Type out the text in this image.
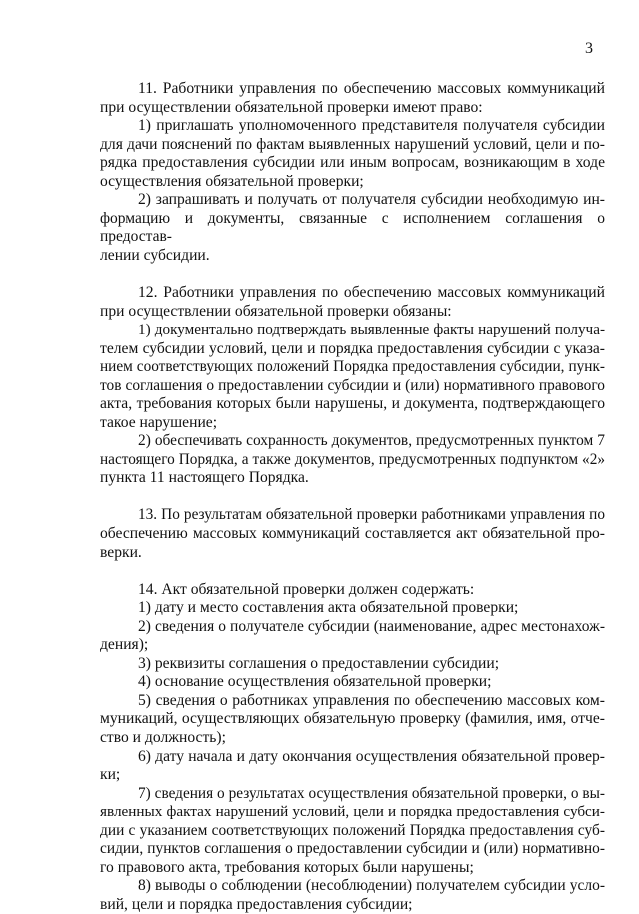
3
11. Работники управления по обеспечению массовых коммуникаций
при осуществлении обязательной проверки имеют право:
1) приглашать уполномоченного представителя получателя субсидии
для дачи пояснений по фактам выявленных нарушений условий, цели и по-
рядка предоставления субсидии или иным вопросам, возникающим в ходе
осуществления обязательной проверки;
2) запрашивать и получать от получателя субсидии необходимую ин-
формацию и документы, связанные с исполнением соглашения о предостав-
лении субсидии.
12. Работники управления по обеспечению массовых коммуникаций
при осуществлении обязательной проверки обязаны:
1) документально подтверждать выявленные факты нарушений получа-
телем субсидии условий, цели и порядка предоставления субсидии с указа-
нием соответствующих положений Порядка предоставления субсидии, пунк-
тов соглашения о предоставлении субсидии и (или) нормативного правового
акта, требования которых были нарушены, и документа, подтверждающего
такое нарушение;
2) обеспечивать сохранность документов, предусмотренных пунктом 7
настоящего Порядка, а также документов, предусмотренных подпунктом «2»
пункта 11 настоящего Порядка.
13. По результатам обязательной проверки работниками управления по
обеспечению массовых коммуникаций составляется акт обязательной про-
верки.
14. Акт обязательной проверки должен содержать:
1) дату и место составления акта обязательной проверки;
2) сведения о получателе субсидии (наименование, адрес местонахож-
дения);
3) реквизиты соглашения о предоставлении субсидии;
4) основание осуществления обязательной проверки;
5) сведения о работниках управления по обеспечению массовых ком-
муникаций, осуществляющих обязательную проверку (фамилия, имя, отче-
ство и должность);
6) дату начала и дату окончания осуществления обязательной провер-
ки;
7) сведения о результатах осуществления обязательной проверки, о вы-
явленных фактах нарушений условий, цели и порядка предоставления субси-
дии с указанием соответствующих положений Порядка предоставления суб-
сидии, пунктов соглашения о предоставлении субсидии и (или) нормативно-
го правового акта, требования которых были нарушены;
8) выводы о соблюдении (несоблюдении) получателем субсидии усло-
вий, цели и порядка предоставления субсидии;
